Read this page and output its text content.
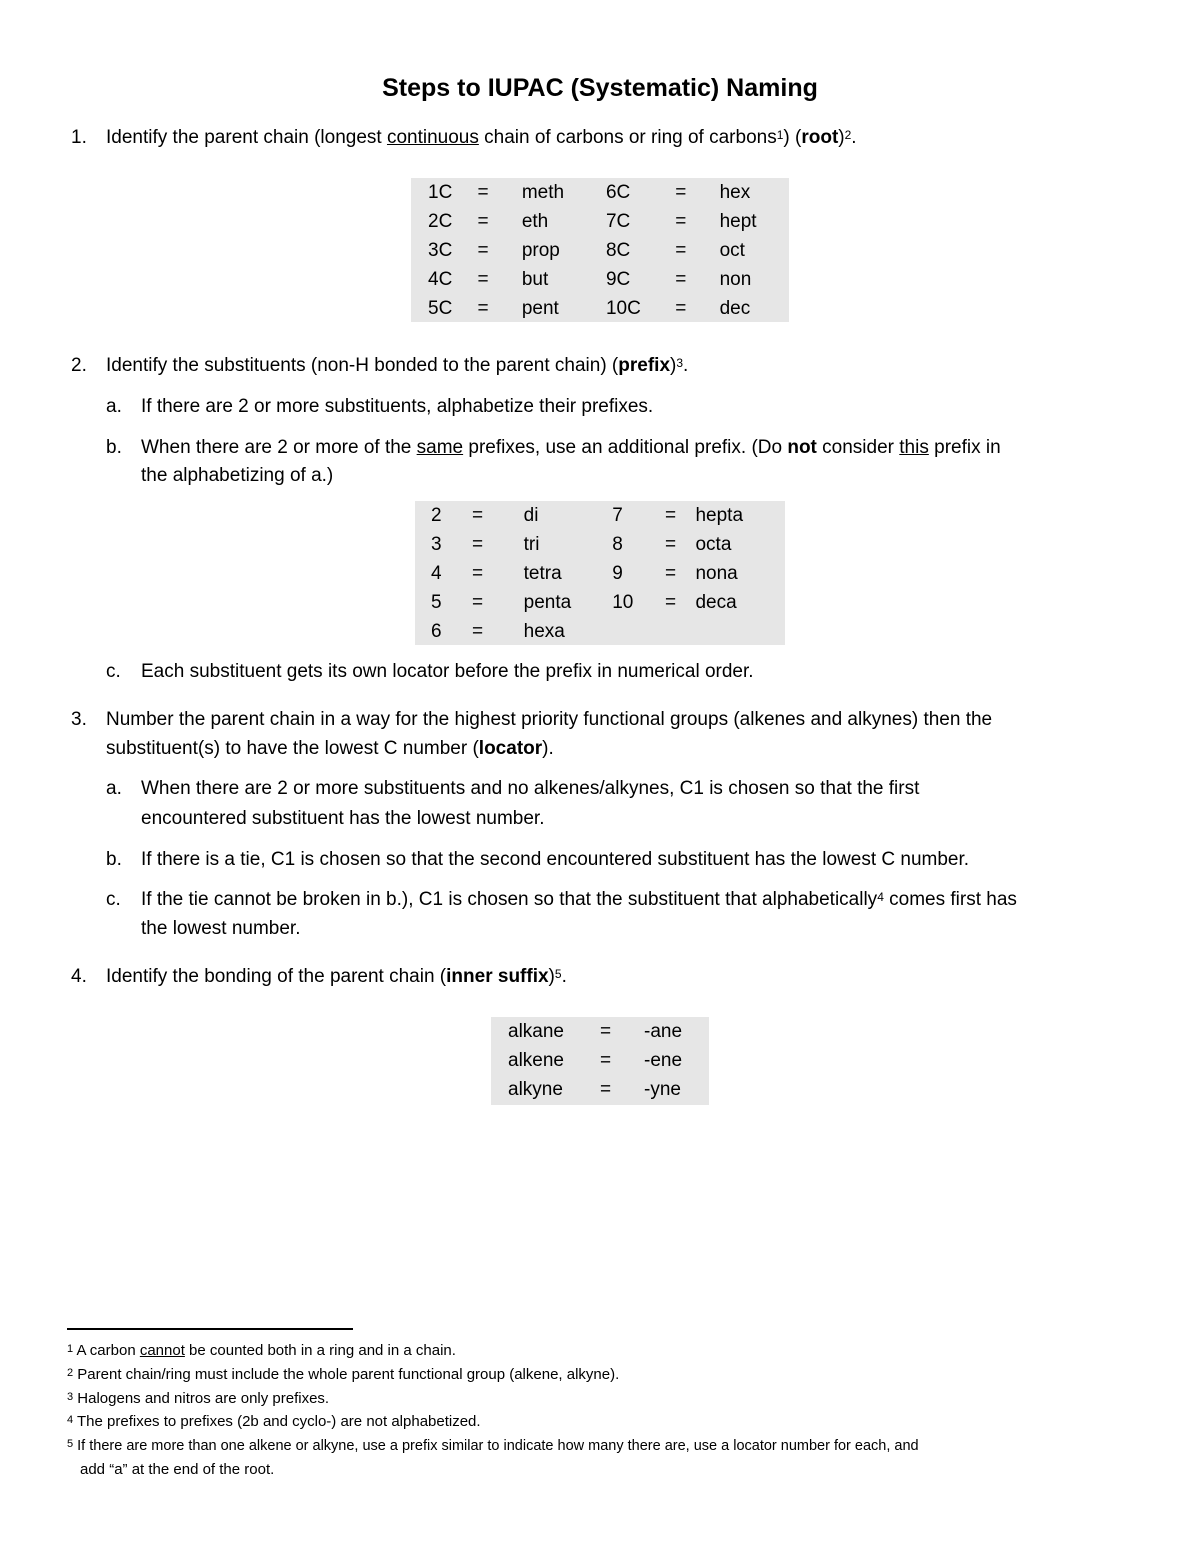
Steps to IUPAC (Systematic) Naming
1. Identify the parent chain (longest continuous chain of carbons or ring of carbons$^1$) (root)$^2$.
1C	=	meth	6C	=	hex
2C	=	eth	7C	=	hept
3C	=	prop	8C	=	oct
4C	=	but	9C	=	non
5C	=	pent	10C	=	dec
2. Identify the substituents (non-H bonded to the parent chain) (prefix)$^3$.
a. If there are 2 or more substituents, alphabetize their prefixes.
b. When there are 2 or more of the same prefixes, use an additional prefix. (Do not consider this prefix in
the alphabetizing of a.)
2	=	di	7	=	hepta
3	=	tri	8	=	octa
4	=	tetra	9	=	nona
5	=	penta	10	=	deca
6	=	hexa			
c. Each substituent gets its own locator before the prefix in numerical order.
3. Number the parent chain in a way for the highest priority functional groups (alkenes and alkynes) then the
substituent(s) to have the lowest C number (locator).
a. When there are 2 or more substituents and no alkenes/alkynes, C1 is chosen so that the first
encountered substituent has the lowest number.
b. If there is a tie, C1 is chosen so that the second encountered substituent has the lowest C number.
c. If the tie cannot be broken in b.), C1 is chosen so that the substituent that alphabetically$^4$ comes first has
the lowest number.
4. Identify the bonding of the parent chain (inner suffix)$^5$.
alkane	=	-ane
alkene	=	-ene
alkyne	=	-yne
$^1$ A carbon cannot be counted both in a ring and in a chain.
$^2$ Parent chain/ring must include the whole parent functional group (alkene, alkyne).
$^3$ Halogens and nitros are only prefixes.
$^4$ The prefixes to prefixes (2b and cyclo-) are not alphabetized.
$^5$ If there are more than one alkene or alkyne, use a prefix similar to indicate how many there are, use a locator number for each, and
add “a” at the end of the root.
